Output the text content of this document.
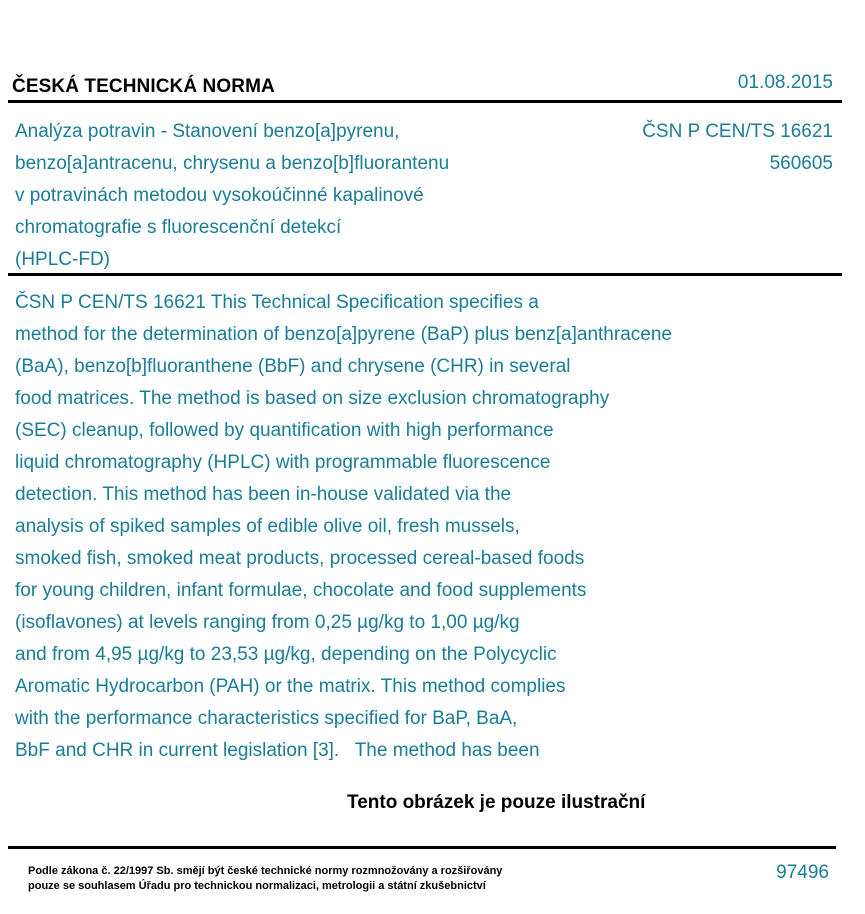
ČESKÁ TECHNICKÁ NORMA	01.08.2015
Analýza potravin - Stanovení benzo[a]pyrenu,
benzo[a]antracenu, chrysenu a benzo[b]fluorantenu
v potravinách metodou vysokoúčinné kapalinové
chromatografie s fluorescenční detekcí
(HPLC-FD)
ČSN P CEN/TS 16621
560605
ČSN P CEN/TS 16621 This Technical Specification specifies a
method for the determination of benzo[a]pyrene (BaP) plus benz[a]anthracene
(BaA), benzo[b]fluoranthene (BbF) and chrysene (CHR) in several
food matrices. The method is based on size exclusion chromatography
(SEC) cleanup, followed by quantification with high performance
liquid chromatography (HPLC) with programmable fluorescence
detection. This method has been in-house validated via the
analysis of spiked samples of edible olive oil, fresh mussels,
smoked fish, smoked meat products, processed cereal-based foods
for young children, infant formulae, chocolate and food supplements
(isoflavones) at levels ranging from 0,25 µg/kg to 1,00 µg/kg
and from 4,95 µg/kg to 23,53 µg/kg, depending on the Polycyclic
Aromatic Hydrocarbon (PAH) or the matrix. This method complies
with the performance characteristics specified for BaP, BaA,
BbF and CHR in current legislation [3].   The method has been
Tento obrázek je pouze ilustrační
Podle zákona č. 22/1997 Sb. smějí být české technické normy rozmnožovány a rozšiřovány
pouze se souhlasem Úřadu pro technickou normalizaci, metrologii a státní zkušebnictví
97496
